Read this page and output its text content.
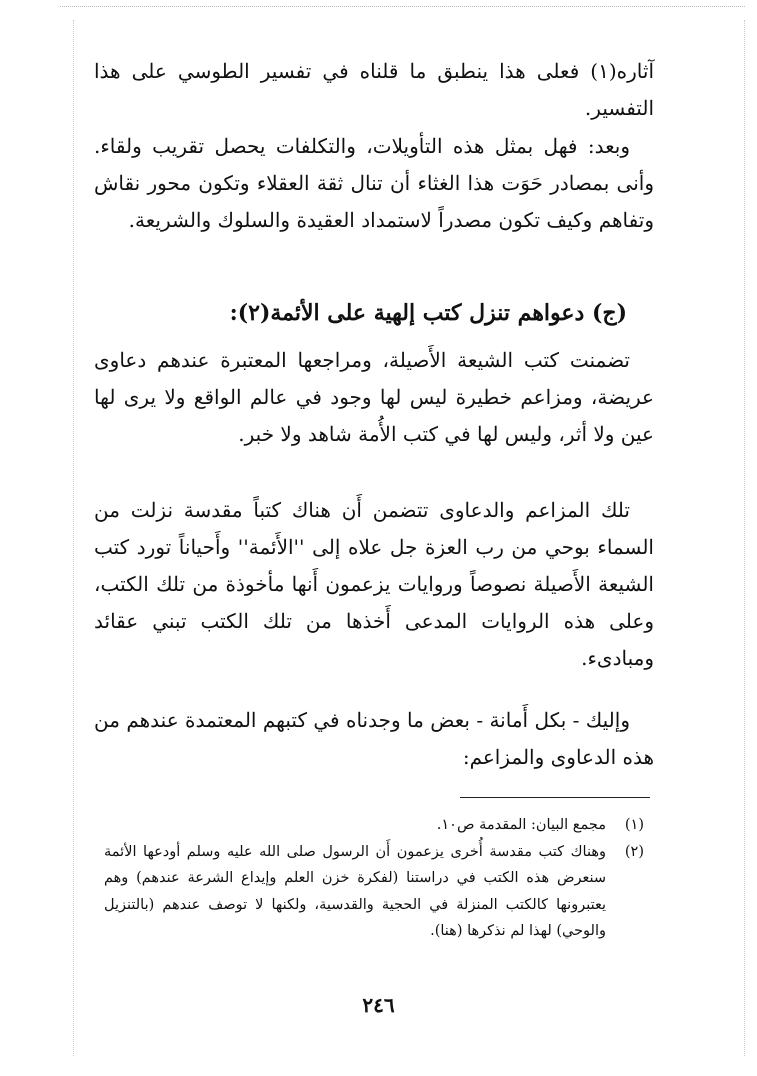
آثاره(١) فعلى هذا ينطبق ما قلناه في تفسير الطوسي على هذا التفسير.

وبعد: فهل بمثل هذه التأويلات، والتكلفات يحصل تقريب ولقاء. وأنى بمصادر حَوَت هذا الغثاء أن تنال ثقة العقلاء وتكون محور نقاش وتفاهم وكيف تكون مصدراً لاستمداد العقيدة والسلوك والشريعة.

(ج) دعواهم تنزل كتب إلهية على الأئمة(٢):

تضمنت كتب الشيعة الأَصيلة، ومراجعها المعتبرة عندهم دعاوى عريضة، ومزاعم خطيرة ليس لها وجود في عالم الواقع ولا يرى لها عين ولا أثر، وليس لها في كتب الأُمة شاهد ولا خبر.

تلك المزاعم والدعاوى تتضمن أَن هناك كتباً مقدسة نزلت من السماء بوحي من رب العزة جل علاه إلى ''الأَئمة'' وأَحياناً تورد كتب الشيعة الأَصيلة نصوصاً وروايات يزعمون أَنها مأخوذة من تلك الكتب، وعلى هذه الروايات المدعى أَخذها من تلك الكتب تبني عقائد ومبادىء.

وإليك - بكل أَمانة - بعض ما وجدناه في كتبهم المعتمدة عندهم من هذه الدعاوى والمزاعم:

(١)
مجمع البيان: المقدمة ص١٠.
(٢)
وهناك كتب مقدسة أُخرى يزعمون أَن الرسول صلى الله عليه وسلم أودعها الأئمة سنعرض هذه الكتب في دراستنا (لفكرة خزن العلم وإيداع الشرعة عندهم) وهم يعتبرونها كالكتب المنزلة في الحجية والقدسية، ولكنها لا توصف عندهم (بالتنزيل والوحي) لهذا لم نذكرها (هنا).
٢٤٦
